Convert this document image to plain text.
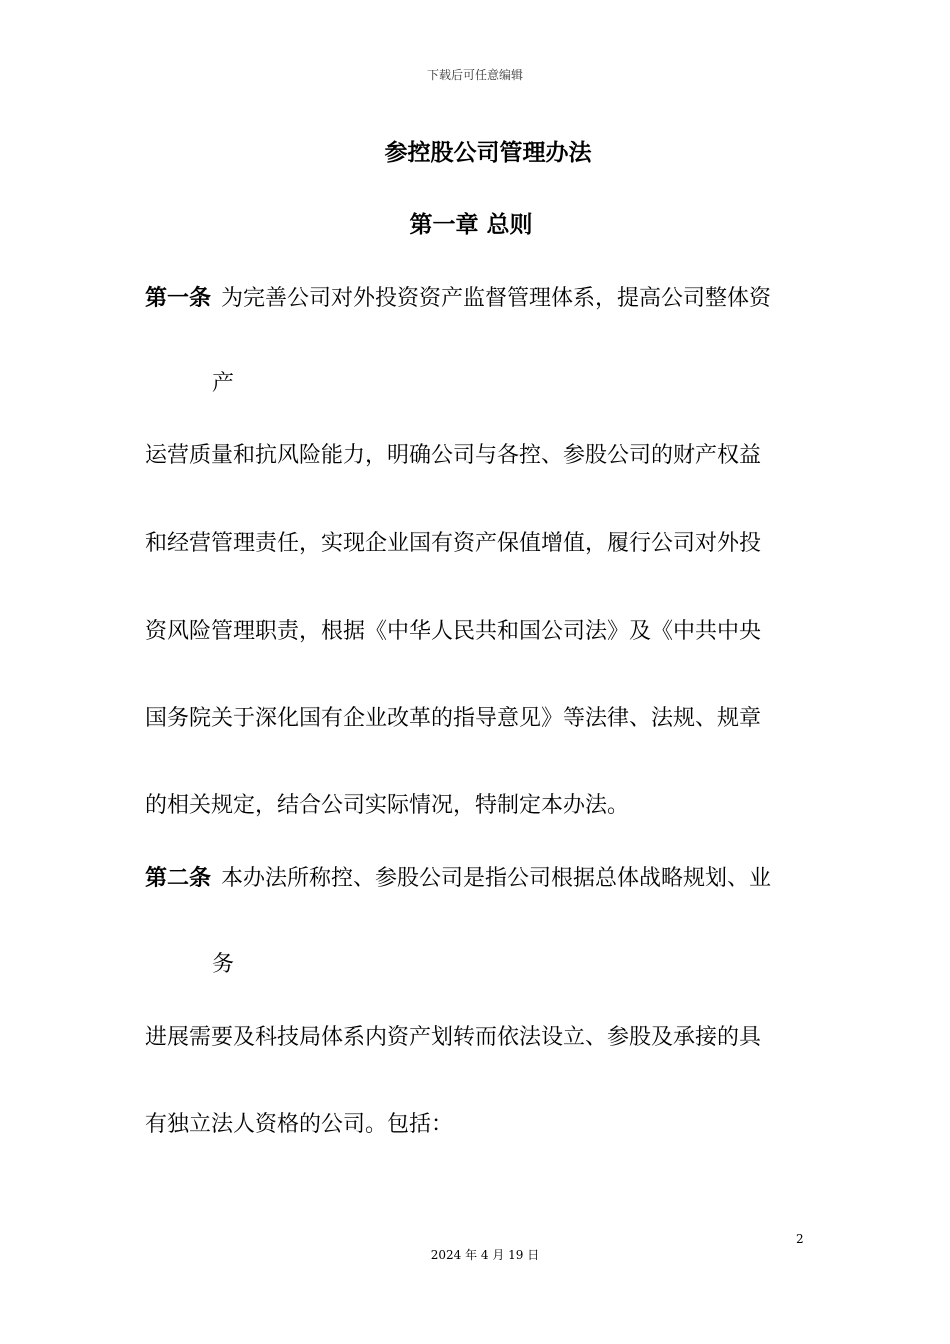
下载后可任意编辑
参控股公司管理办法
第一章 总则
第一条 为完善公司对外投资资产监督管理体系，提高公司整体资
产
运营质量和抗风险能力，明确公司与各控、参股公司的财产权益
和经营管理责任，实现企业国有资产保值增值，履行公司对外投
资风险管理职责，根据《中华人民共和国公司法》及《中共中央
国务院关于深化国有企业改革的指导意见》等法律、法规、规章
的相关规定，结合公司实际情况，特制定本办法。
第二条 本办法所称控、参股公司是指公司根据总体战略规划、业
务
进展需要及科技局体系内资产划转而依法设立、参股及承接的具
有独立法人资格的公司。包括：
2
2024 年 4 月 19 日
